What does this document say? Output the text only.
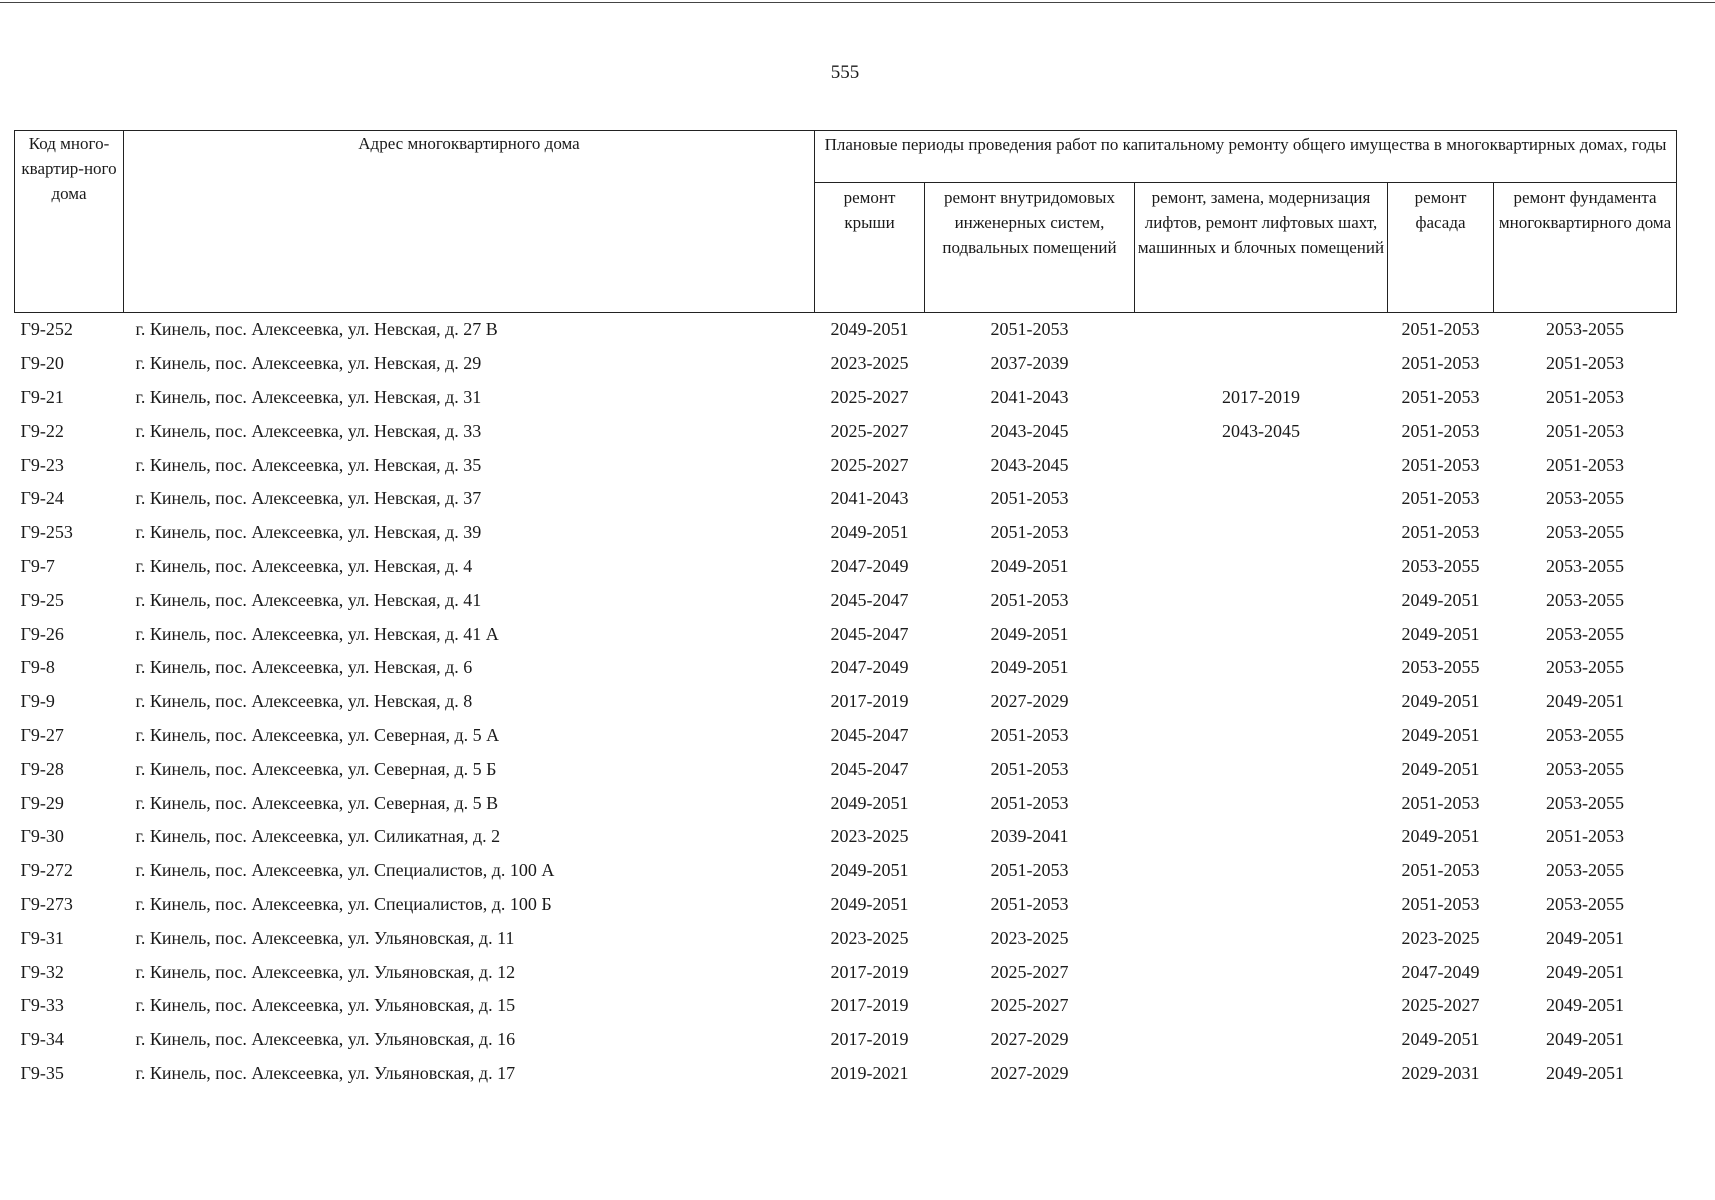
555
Код много-квартир-ного дома	Адрес многоквартирного дома	Плановые периоды проведения работ по капитальному ремонту общего имущества в многоквартирных домах, годы				
		ремонт крыши	ремонт внутридомовых инженерных систем, подвальных помещений	ремонт, замена, модернизация лифтов, ремонт лифтовых шахт, машинных и блочных помещений	ремонт фасада	ремонт фундамента многоквартирного дома
Г9-252	г. Кинель, пос. Алексеевка, ул. Невская, д. 27 В	2049-2051	2051-2053		2051-2053	2053-2055
Г9-20	г. Кинель, пос. Алексеевка, ул. Невская, д. 29	2023-2025	2037-2039		2051-2053	2051-2053
Г9-21	г. Кинель, пос. Алексеевка, ул. Невская, д. 31	2025-2027	2041-2043	2017-2019	2051-2053	2051-2053
Г9-22	г. Кинель, пос. Алексеевка, ул. Невская, д. 33	2025-2027	2043-2045	2043-2045	2051-2053	2051-2053
Г9-23	г. Кинель, пос. Алексеевка, ул. Невская, д. 35	2025-2027	2043-2045		2051-2053	2051-2053
Г9-24	г. Кинель, пос. Алексеевка, ул. Невская, д. 37	2041-2043	2051-2053		2051-2053	2053-2055
Г9-253	г. Кинель, пос. Алексеевка, ул. Невская, д. 39	2049-2051	2051-2053		2051-2053	2053-2055
Г9-7	г. Кинель, пос. Алексеевка, ул. Невская, д. 4	2047-2049	2049-2051		2053-2055	2053-2055
Г9-25	г. Кинель, пос. Алексеевка, ул. Невская, д. 41	2045-2047	2051-2053		2049-2051	2053-2055
Г9-26	г. Кинель, пос. Алексеевка, ул. Невская, д. 41 А	2045-2047	2049-2051		2049-2051	2053-2055
Г9-8	г. Кинель, пос. Алексеевка, ул. Невская, д. 6	2047-2049	2049-2051		2053-2055	2053-2055
Г9-9	г. Кинель, пос. Алексеевка, ул. Невская, д. 8	2017-2019	2027-2029		2049-2051	2049-2051
Г9-27	г. Кинель, пос. Алексеевка, ул. Северная, д. 5 А	2045-2047	2051-2053		2049-2051	2053-2055
Г9-28	г. Кинель, пос. Алексеевка, ул. Северная, д. 5 Б	2045-2047	2051-2053		2049-2051	2053-2055
Г9-29	г. Кинель, пос. Алексеевка, ул. Северная, д. 5 В	2049-2051	2051-2053		2051-2053	2053-2055
Г9-30	г. Кинель, пос. Алексеевка, ул. Силикатная, д. 2	2023-2025	2039-2041		2049-2051	2051-2053
Г9-272	г. Кинель, пос. Алексеевка, ул. Специалистов, д. 100 А	2049-2051	2051-2053		2051-2053	2053-2055
Г9-273	г. Кинель, пос. Алексеевка, ул. Специалистов, д. 100 Б	2049-2051	2051-2053		2051-2053	2053-2055
Г9-31	г. Кинель, пос. Алексеевка, ул. Ульяновская, д. 11	2023-2025	2023-2025		2023-2025	2049-2051
Г9-32	г. Кинель, пос. Алексеевка, ул. Ульяновская, д. 12	2017-2019	2025-2027		2047-2049	2049-2051
Г9-33	г. Кинель, пос. Алексеевка, ул. Ульяновская, д. 15	2017-2019	2025-2027		2025-2027	2049-2051
Г9-34	г. Кинель, пос. Алексеевка, ул. Ульяновская, д. 16	2017-2019	2027-2029		2049-2051	2049-2051
Г9-35	г. Кинель, пос. Алексеевка, ул. Ульяновская, д. 17	2019-2021	2027-2029		2029-2031	2049-2051
